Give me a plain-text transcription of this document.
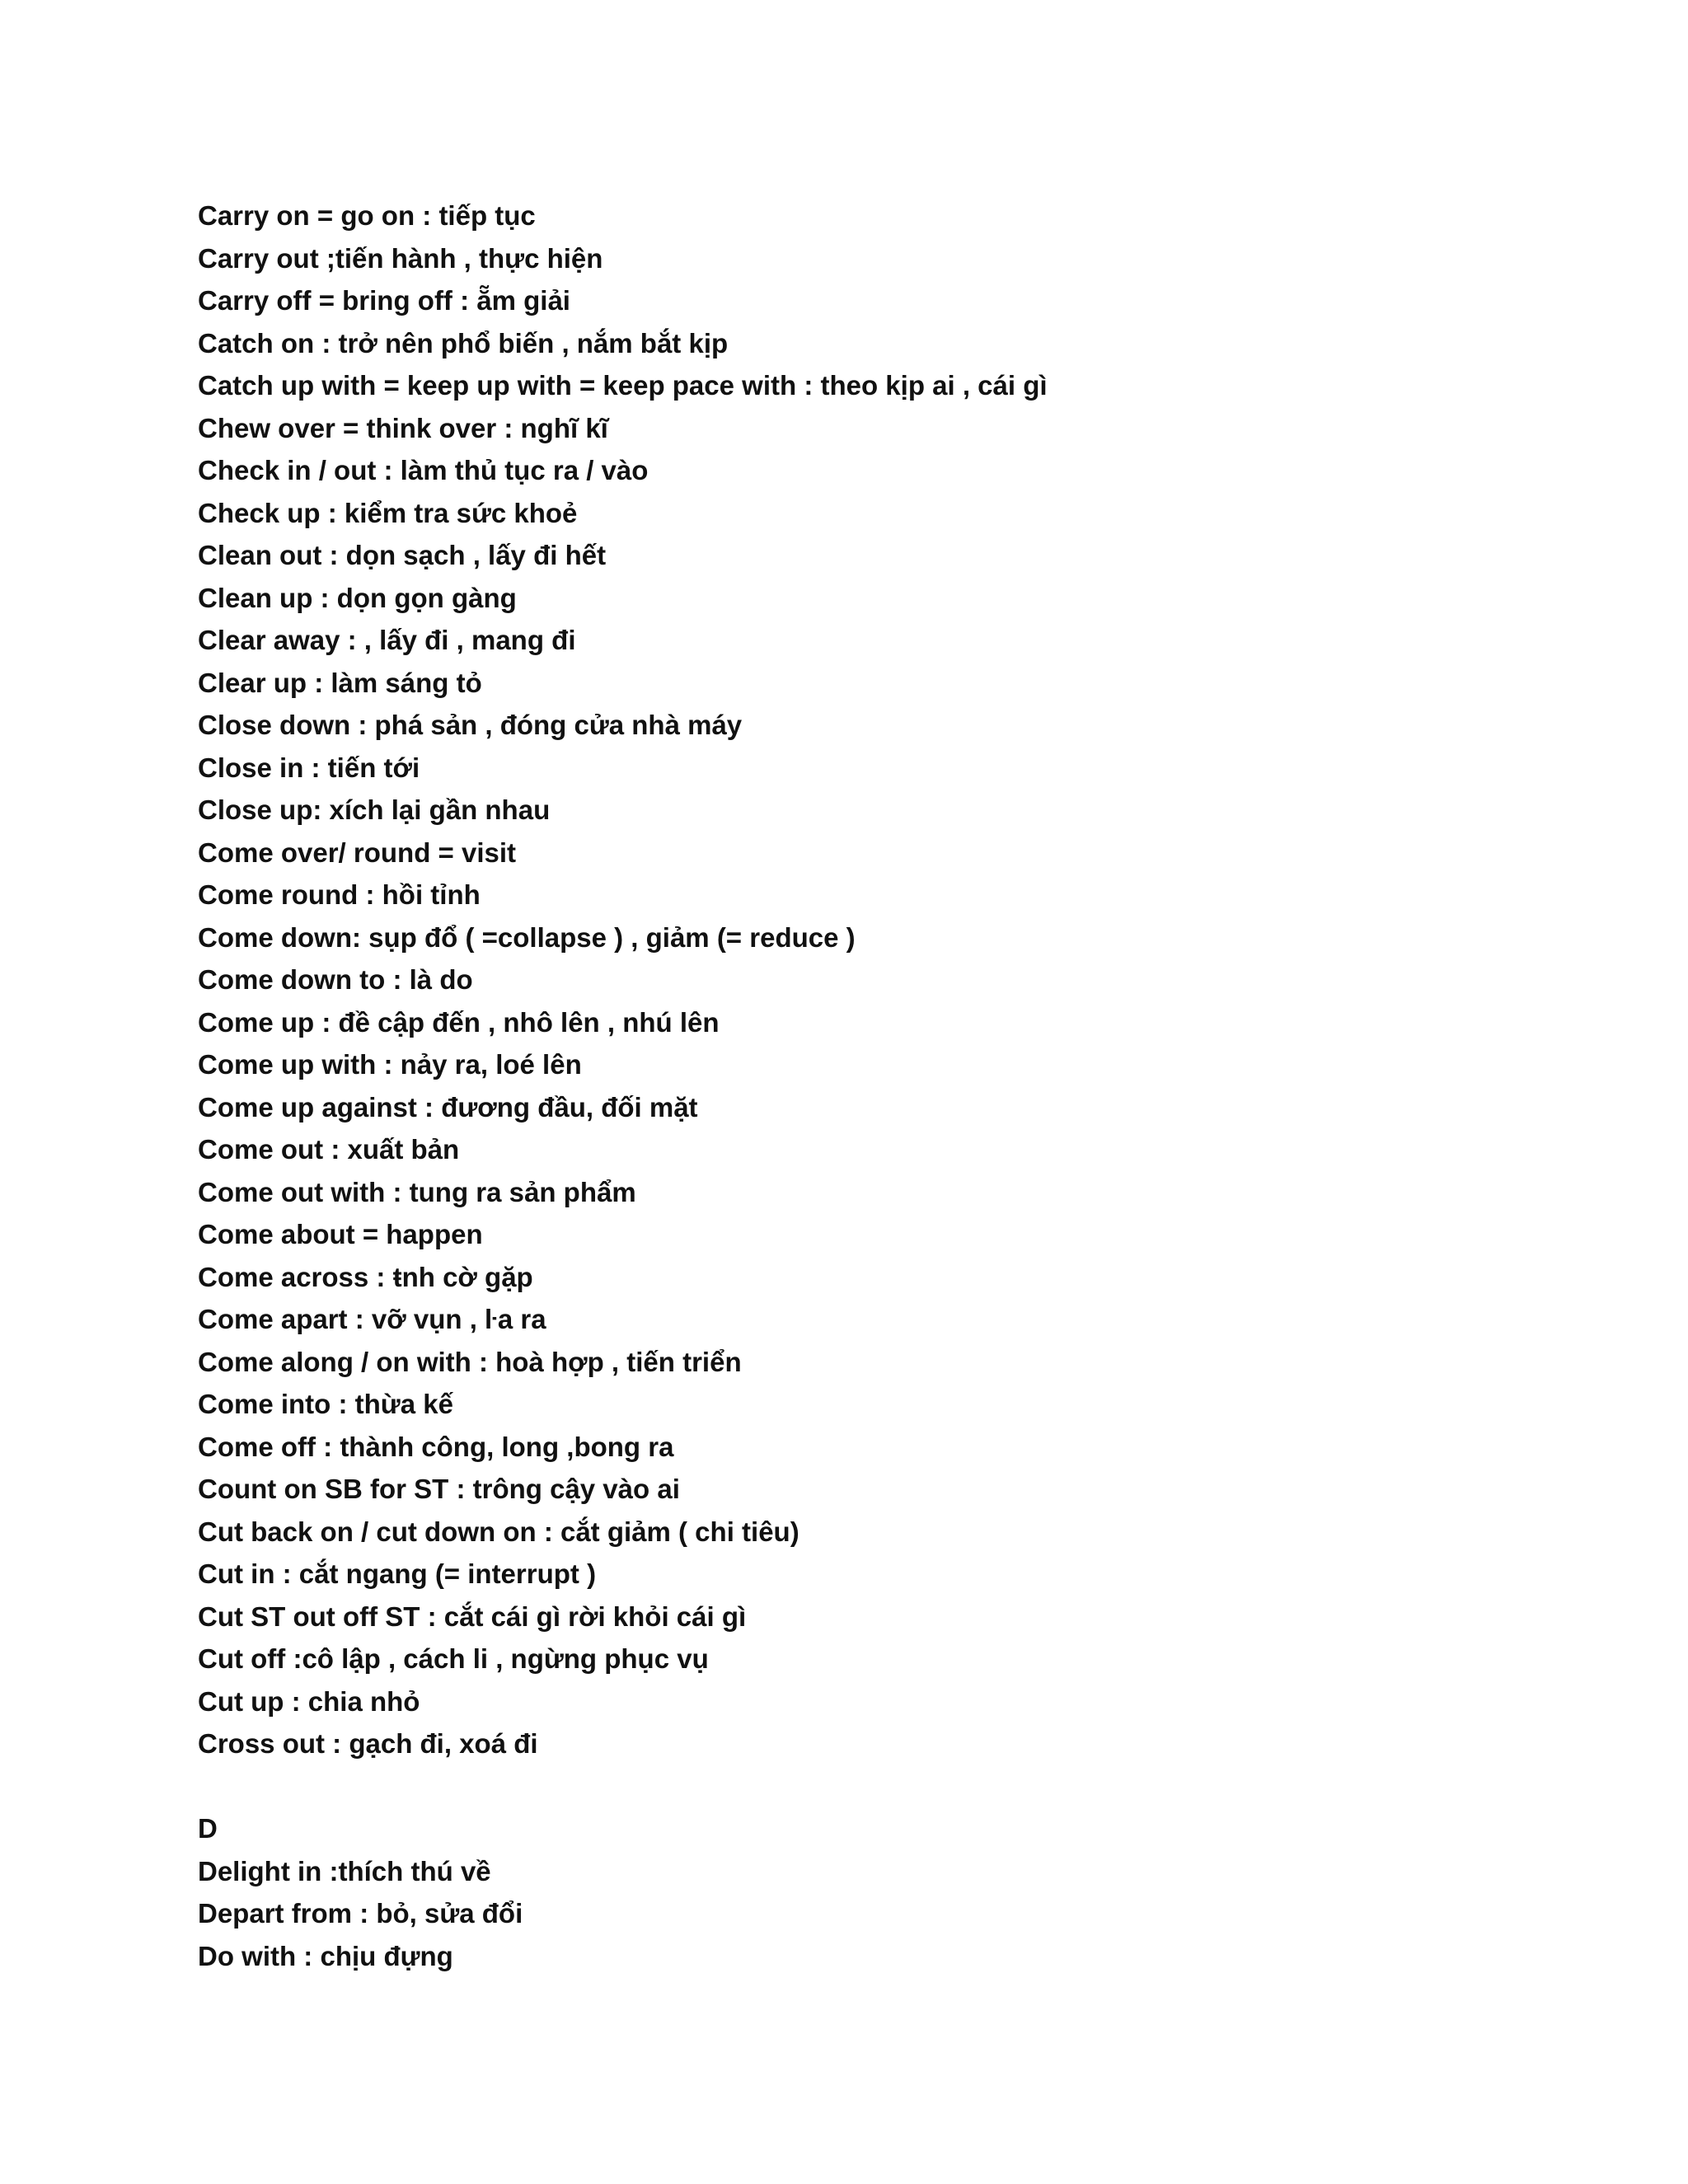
Carry on = go on : tiếp tục
Carry out ;tiến hành , thực hiện
Carry off = bring off : ẵm giải
Catch on : trở nên phổ biến , nắm bắt kịp
Catch up with = keep up with = keep pace with : theo kịp ai , cái gì
Chew over = think over : nghĩ kĩ
Check in / out : làm thủ tục ra / vào
Check up : kiểm tra sức khoẻ
Clean out : dọn sạch , lấy đi hết
Clean up : dọn gọn gàng
Clear away : , lấy đi , mang đi
Clear up : làm sáng tỏ
Close down : phá sản , đóng cửa nhà máy
Close in : tiến tới
Close up: xích lại gần nhau
Come over/ round = visit
Come round : hồi tỉnh
Come down: sụp đổ ( =collapse ) , giảm (= reduce )
Come down to : là do
Come up : đề cập đến , nhô lên , nhú lên
Come up with : nảy ra, loé lên
Come up against : đương đầu, đối mặt
Come out : xuất bản
Come out with : tung ra sản phẩm
Come about = happen
Come across : ŧnh cờ gặp
Come apart : vỡ vụn , ŀa ra
Come along / on with : hoà hợp , tiến triển
Come into : thừa kế
Come off : thành công, long ,bong ra
Count on SB for ST : trông cậy vào ai
Cut back on / cut down on : cắt giảm ( chi tiêu)
Cut in : cắt ngang (= interrupt )
Cut ST out off ST : cắt cái gì rời khỏi cái gì
Cut off :cô lập , cách li , ngừng phục vụ
Cut up : chia nhỏ
Cross out : gạch đi, xoá đi
D
Delight in :thích thú về
Depart from : bỏ, sửa đổi
Do with : chịu đựng
